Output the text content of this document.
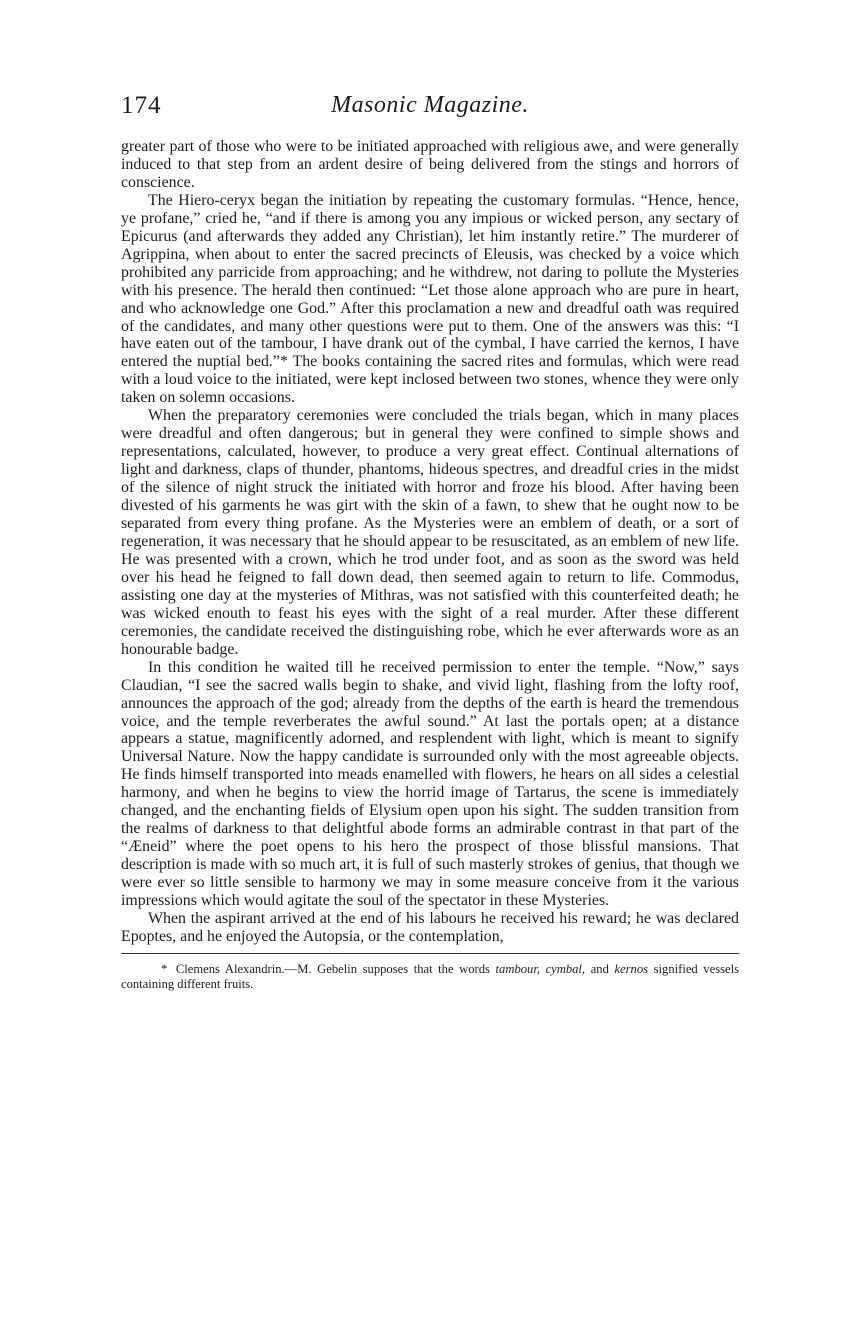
174	Masonic Magazine.

greater part of those who were to be initiated approached with religious awe, and were generally induced to that step from an ardent desire of being delivered from the stings and horrors of conscience.

The Hiero-ceryx began the initiation by repeating the customary formulas. “Hence, hence, ye profane,” cried he, “and if there is among you any impious or wicked person, any sectary of Epicurus (and afterwards they added any Christian), let him instantly retire.” The murderer of Agrippina, when about to enter the sacred precincts of Eleusis, was checked by a voice which prohibited any parricide from approaching; and he withdrew, not daring to pollute the Mysteries with his presence. The herald then continued: “Let those alone approach who are pure in heart, and who acknowledge one God.” After this proclamation a new and dreadful oath was required of the candidates, and many other questions were put to them. One of the answers was this: “I have eaten out of the tambour, I have drank out of the cymbal, I have carried the kernos, I have entered the nuptial bed.”* The books containing the sacred rites and formulas, which were read with a loud voice to the initiated, were kept inclosed between two stones, whence they were only taken on solemn occasions.

When the preparatory ceremonies were concluded the trials began, which in many places were dreadful and often dangerous; but in general they were confined to simple shows and representations, calculated, however, to produce a very great effect. Continual alternations of light and darkness, claps of thunder, phantoms, hideous spectres, and dreadful cries in the midst of the silence of night struck the initiated with horror and froze his blood. After having been divested of his garments he was girt with the skin of a fawn, to shew that he ought now to be separated from every thing profane. As the Mysteries were an emblem of death, or a sort of regeneration, it was necessary that he should appear to be resuscitated, as an emblem of new life. He was presented with a crown, which he trod under foot, and as soon as the sword was held over his head he feigned to fall down dead, then seemed again to return to life. Commodus, assisting one day at the mysteries of Mithras, was not satisfied with this counterfeited death; he was wicked enouth to feast his eyes with the sight of a real murder. After these different ceremonies, the candidate received the distinguishing robe, which he ever afterwards wore as an honourable badge.

In this condition he waited till he received permission to enter the temple. “Now,” says Claudian, “I see the sacred walls begin to shake, and vivid light, flashing from the lofty roof, announces the approach of the god; already from the depths of the earth is heard the tremendous voice, and the temple reverberates the awful sound.” At last the portals open; at a distance appears a statue, magnificently adorned, and resplendent with light, which is meant to signify Universal Nature. Now the happy candidate is surrounded only with the most agreeable objects. He finds himself transported into meads enamelled with flowers, he hears on all sides a celestial harmony, and when he begins to view the horrid image of Tartarus, the scene is immediately changed, and the enchanting fields of Elysium open upon his sight. The sudden transition from the realms of darkness to that delightful abode forms an admirable contrast in that part of the “Æneid” where the poet opens to his hero the prospect of those blissful mansions. That description is made with so much art, it is full of such masterly strokes of genius, that though we were ever so little sensible to harmony we may in some measure conceive from it the various impressions which would agitate the soul of the spectator in these Mysteries.

When the aspirant arrived at the end of his labours he received his reward; he was declared Epoptes, and he enjoyed the Autopsia, or the contemplation,

* Clemens Alexandrin.—M. Gebelin supposes that the words tambour, cymbal, and kernos signified vessels containing different fruits.
